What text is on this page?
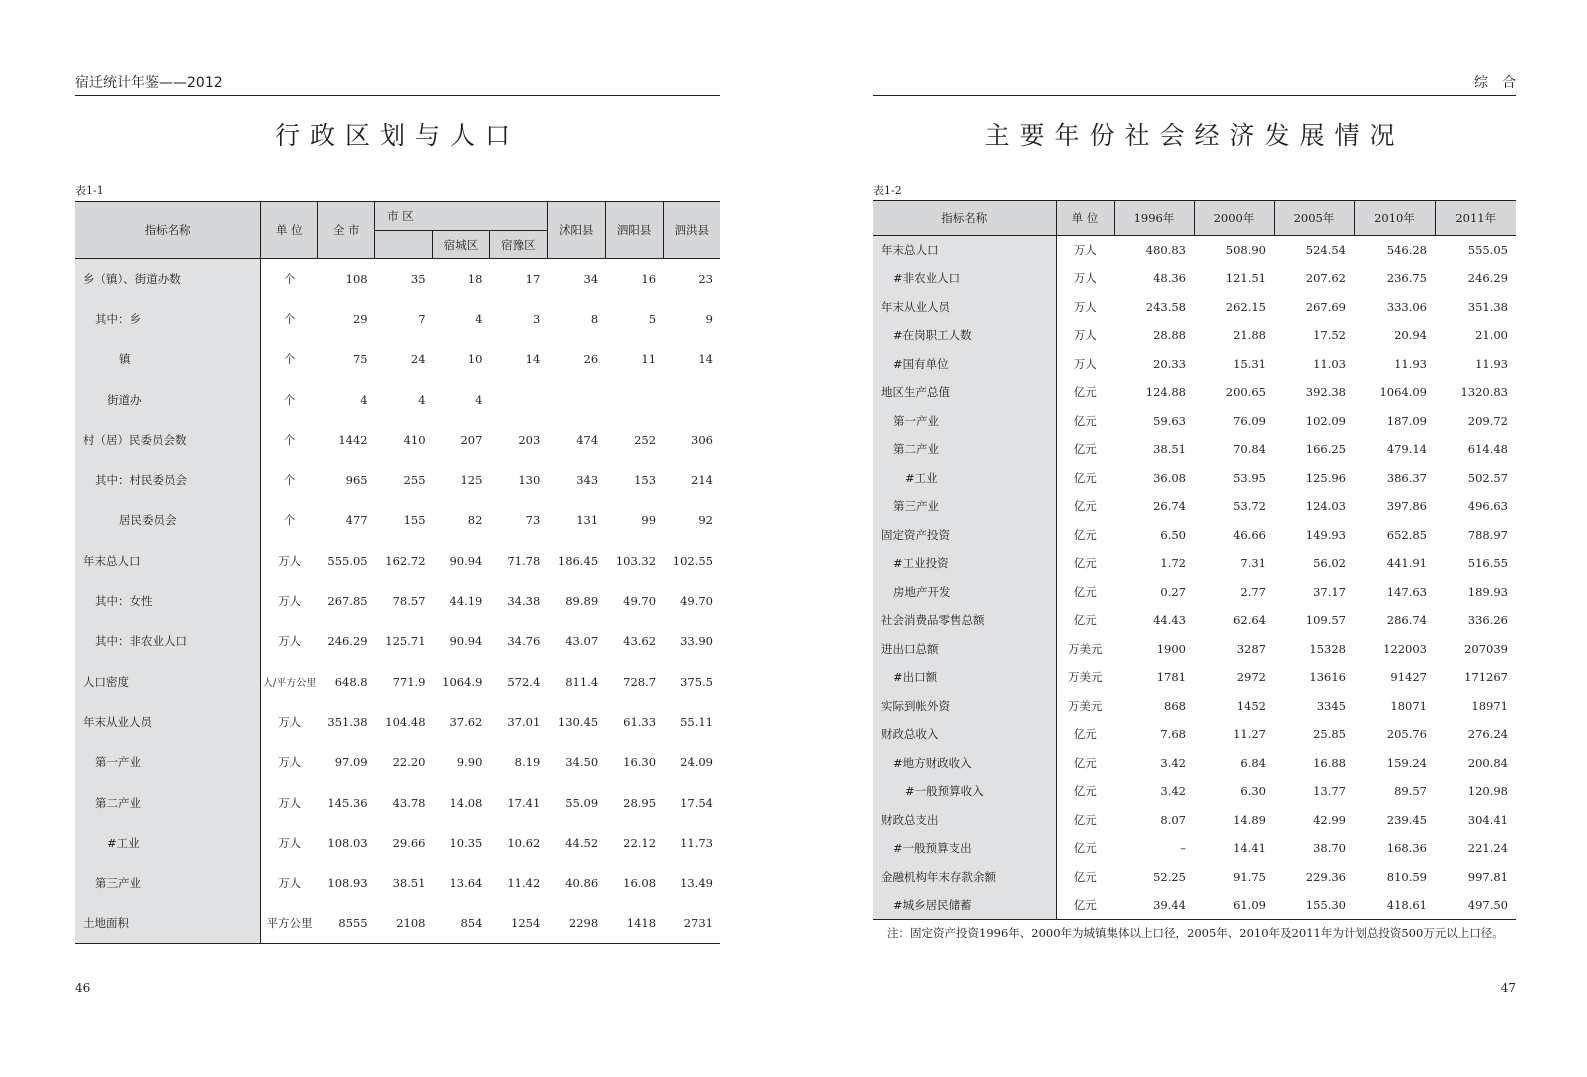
宿迁统计年鉴——2012
行政区划与人口
表1-1
指标名称	单 位	全 市	市 区			沭阳县	泗阳县	泗洪县
				宿城区	宿豫区			
乡（镇）、街道办数	个	108	35	18	17	34	16	23
其中：乡	个	29	7	4	3	8	5	9
镇	个	75	24	10	14	26	11	14
街道办	个	4	4	4				
村（居）民委员会数	个	1442	410	207	203	474	252	306
其中：村民委员会	个	965	255	125	130	343	153	214
居民委员会	个	477	155	82	73	131	99	92
年末总人口	万人	555.05	162.72	90.94	71.78	186.45	103.32	102.55
其中：女性	万人	267.85	78.57	44.19	34.38	89.89	49.70	49.70
其中：非农业人口	万人	246.29	125.71	90.94	34.76	43.07	43.62	33.90
人口密度	人/平方公里	648.8	771.9	1064.9	572.4	811.4	728.7	375.5
年末从业人员	万人	351.38	104.48	37.62	37.01	130.45	61.33	55.11
第一产业	万人	97.09	22.20	9.90	8.19	34.50	16.30	24.09
第二产业	万人	145.36	43.78	14.08	17.41	55.09	28.95	17.54
#工业	万人	108.03	29.66	10.35	10.62	44.52	22.12	11.73
第三产业	万人	108.93	38.51	13.64	11.42	40.86	16.08	13.49
土地面积	平方公里	8555	2108	854	1254	2298	1418	2731
46
综合
主要年份社会经济发展情况
表1-2
指标名称	单 位	1996年	2000年	2005年	2010年	2011年
年末总人口	万人	480.83	508.90	524.54	546.28	555.05
#非农业人口	万人	48.36	121.51	207.62	236.75	246.29
年末从业人员	万人	243.58	262.15	267.69	333.06	351.38
#在岗职工人数	万人	28.88	21.88	17.52	20.94	21.00
#国有单位	万人	20.33	15.31	11.03	11.93	11.93
地区生产总值	亿元	124.88	200.65	392.38	1064.09	1320.83
第一产业	亿元	59.63	76.09	102.09	187.09	209.72
第二产业	亿元	38.51	70.84	166.25	479.14	614.48
#工业	亿元	36.08	53.95	125.96	386.37	502.57
第三产业	亿元	26.74	53.72	124.03	397.86	496.63
固定资产投资	亿元	6.50	46.66	149.93	652.85	788.97
#工业投资	亿元	1.72	7.31	56.02	441.91	516.55
房地产开发	亿元	0.27	2.77	37.17	147.63	189.93
社会消费品零售总额	亿元	44.43	62.64	109.57	286.74	336.26
进出口总额	万美元	1900	3287	15328	122003	207039
#出口额	万美元	1781	2972	13616	91427	171267
实际到帐外资	万美元	868	1452	3345	18071	18971
财政总收入	亿元	7.68	11.27	25.85	205.76	276.24
#地方财政收入	亿元	3.42	6.84	16.88	159.24	200.84
#一般预算收入	亿元	3.42	6.30	13.77	89.57	120.98
财政总支出	亿元	8.07	14.89	42.99	239.45	304.41
#一般预算支出	亿元	–	14.41	38.70	168.36	221.24
金融机构年末存款余额	亿元	52.25	91.75	229.36	810.59	997.81
#城乡居民储蓄	亿元	39.44	61.09	155.30	418.61	497.50
注：固定资产投资1996年、2000年为城镇集体以上口径，2005年、2010年及2011年为计划总投资500万元以上口径。
47
